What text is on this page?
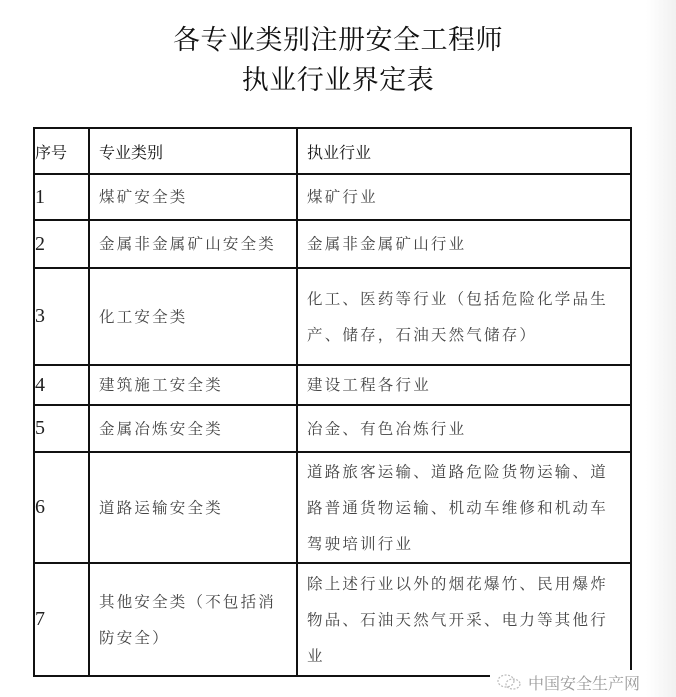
各专业类别注册安全工程师
执业行业界定表
序号	专业类别	执业行业

1	煤矿安全类	煤矿行业

2	金属非金属矿山安全类	金属非金属矿山行业

3	化工安全类	化工、医药等行业（包括危险化学品生产、储存，石油天然气储存）

4	建筑施工安全类	建设工程各行业

5	金属冶炼安全类	冶金、有色冶炼行业

6	道路运输安全类	道路旅客运输、道路危险货物运输、道路普通货物运输、机动车维修和机动车驾驶培训行业

7	其他安全类（不包括消防安全）	除上述行业以外的烟花爆竹、民用爆炸物品、石油天然气开采、电力等其他行业
中国安全生产网
